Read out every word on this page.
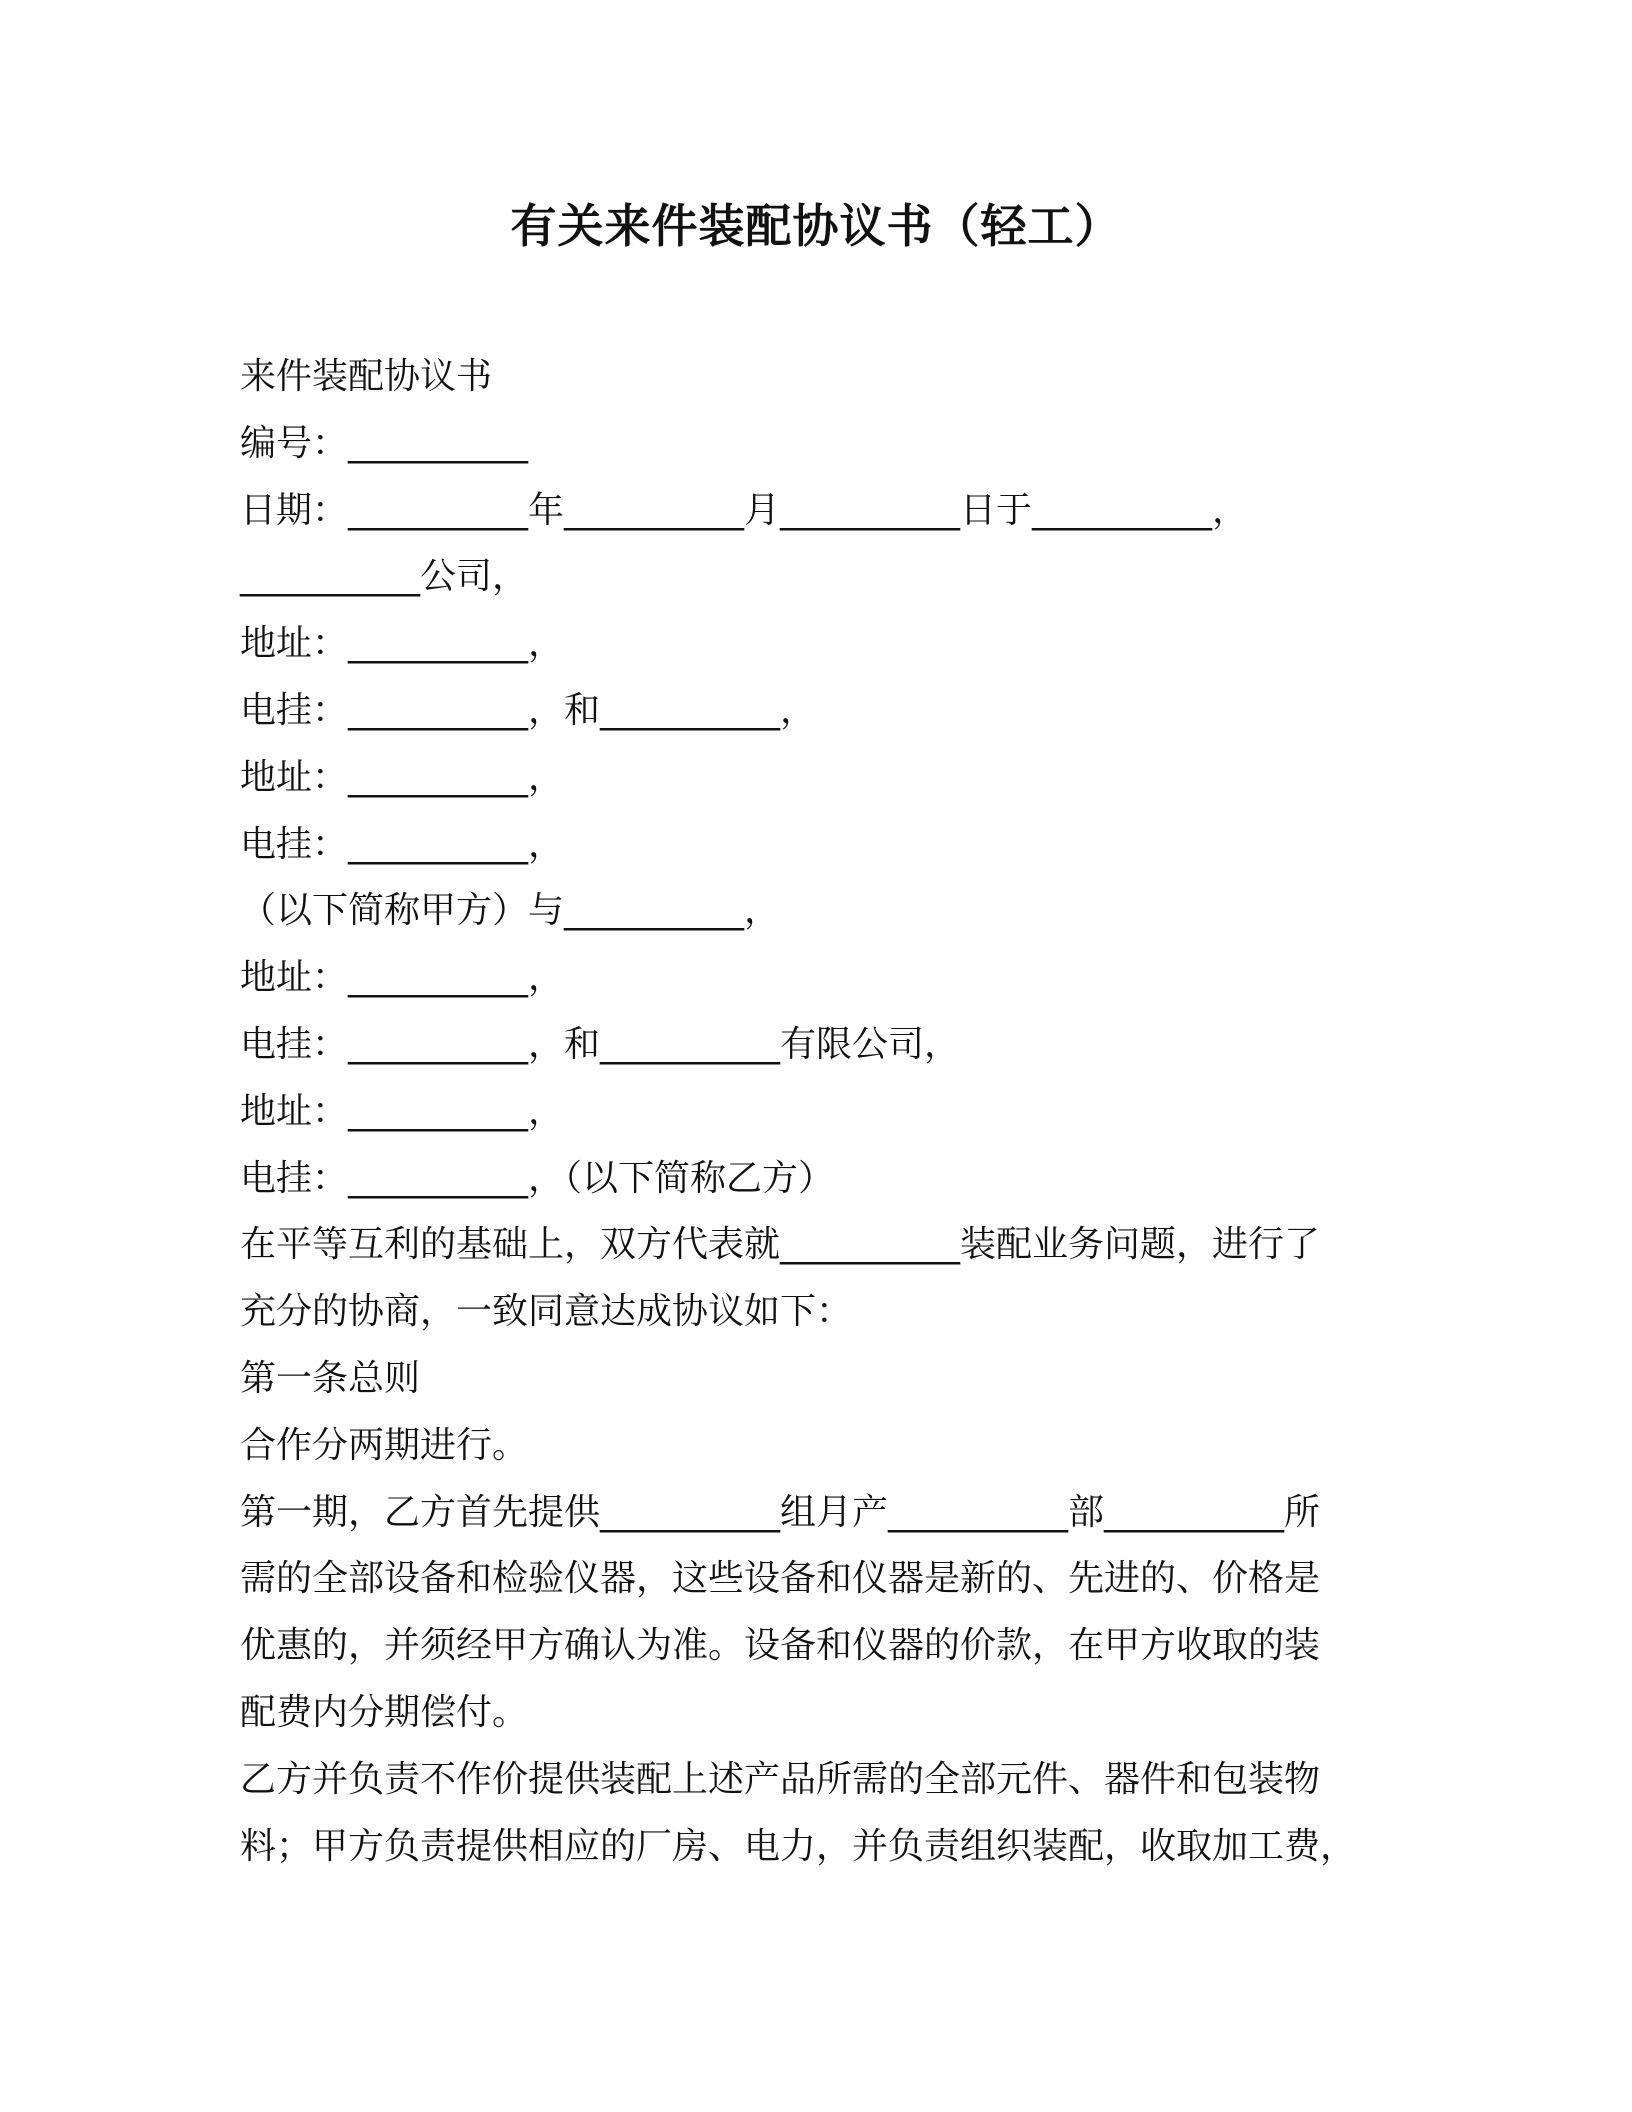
有关来件装配协议书（轻工）

来件装配协议书

编号：__________

日期：__________年__________月__________日于__________，

__________公司，

地址：__________，

电挂：__________，和__________，

地址：__________，

电挂：__________，

（以下简称甲方）与__________，

地址：__________，

电挂：__________，和__________有限公司，

地址：__________，

电挂：__________，（以下简称乙方）

在平等互利的基础上，双方代表就__________装配业务问题，进行了

充分的协商，一致同意达成协议如下：

第一条总则

合作分两期进行。

第一期，乙方首先提供__________组月产__________部__________所

需的全部设备和检验仪器，这些设备和仪器是新的、先进的、价格是

优惠的，并须经甲方确认为准。设备和仪器的价款，在甲方收取的装

配费内分期偿付。

乙方并负责不作价提供装配上述产品所需的全部元件、器件和包装物

料；甲方负责提供相应的厂房、电力，并负责组织装配，收取加工费，
